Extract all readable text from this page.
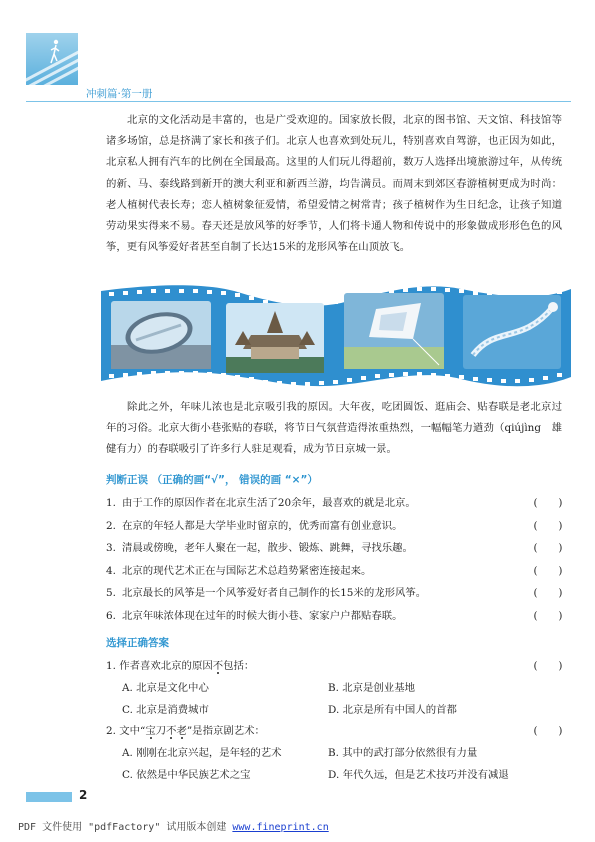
冲刺篇·第一册

北京的文化活动是丰富的，也是广受欢迎的。国家放长假，北京的图书馆、天文馆、科技馆等诸多场馆，总是挤满了家长和孩子们。北京人也喜欢到处玩儿，特别喜欢自驾游，也正因为如此，北京私人拥有汽车的比例在全国最高。这里的人们玩儿得超前，数万人选择出境旅游过年，从传统的新、马、泰线路到新开的澳大利亚和新西兰游，均告满员。而周末到郊区春游植树更成为时尚：老人植树代表长寿；恋人植树象征爱情，希望爱情之树常青；孩子植树作为生日纪念，让孩子知道劳动果实得来不易。春天还是放风筝的好季节，人们将卡通人物和传说中的形象做成形形色色的风筝，更有风筝爱好者甚至自制了长达15米的龙形风筝在山顶放飞。

除此之外，年味儿浓也是北京吸引我的原因。大年夜，吃团圆饭、逛庙会、贴春联是老北京过年的习俗。北京大街小巷张贴的春联，将节日气氛营造得浓重热烈，一幅幅笔力遒劲（qiújìng　雄健有力）的春联吸引了许多行人驻足观看，成为节日京城一景。

判断正误 （正确的画“√”， 错误的画 “×”）
1. 由于工作的原因作者在北京生活了20余年，最喜欢的就是北京。	(　　)
2. 在京的年轻人都是大学毕业时留京的，优秀而富有创业意识。	(　　)
3. 清晨或傍晚，老年人聚在一起，散步、锻炼、跳舞，寻找乐趣。	(　　)
4. 北京的现代艺术正在与国际艺术总趋势紧密连接起来。	(　　)
5. 北京最长的风筝是一个风筝爱好者自己制作的长15米的龙形风筝。	(　　)
6. 北京年味浓体现在过年的时候大街小巷、家家户户都贴春联。	(　　)
选择正确答案
1. 作者喜欢北京的原因不包括：	(　　)
A. 北京是文化中心	B. 北京是创业基地
C. 北京是消费城市	D. 北京是所有中国人的首都
2. 文中“宝刀不老”是指京剧艺术：	(　　)
A. 刚刚在北京兴起，是年轻的艺术	B. 其中的武打部分依然很有力量
C. 依然是中华民族艺术之宝	D. 年代久远，但是艺术技巧并没有减退
2
PDF 文件使用 "pdfFactory" 试用版本创建 www.fineprint.cn
